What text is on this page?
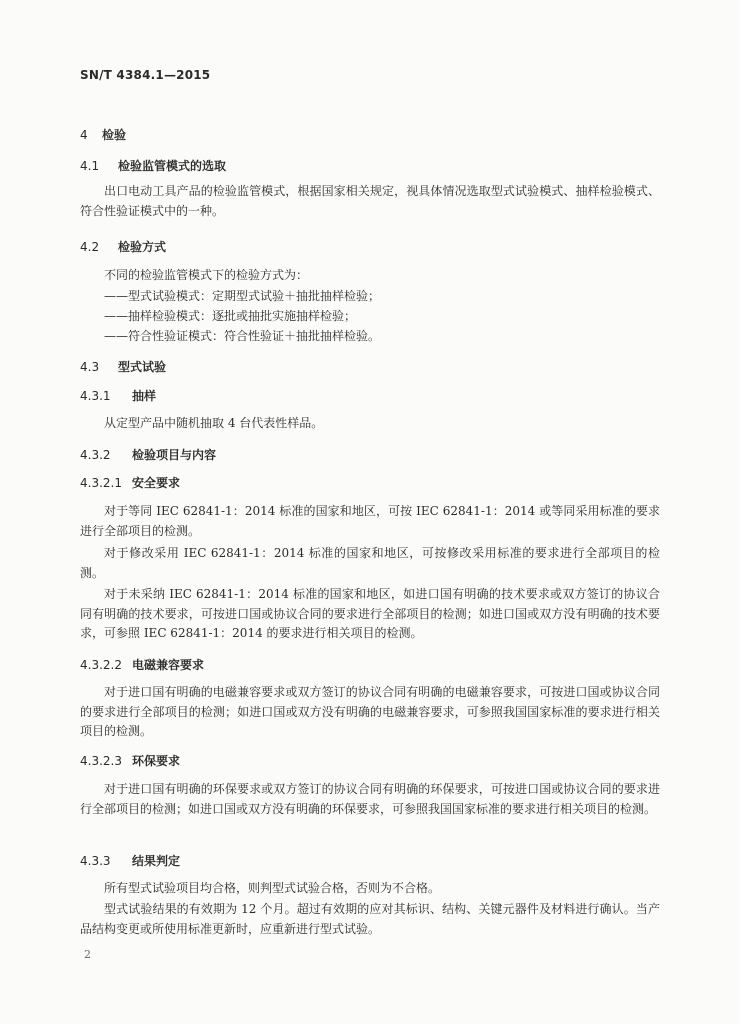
SN/T 4384.1—2015
4 检验
4.1 检验监管模式的选取
出口电动工具产品的检验监管模式，根据国家相关规定，视具体情况选取型式试验模式、抽样检验模式、符合性验证模式中的一种。
4.2 检验方式
不同的检验监管模式下的检验方式为：
——型式试验模式：定期型式试验＋抽批抽样检验；
——抽样检验模式：逐批或抽批实施抽样检验；
——符合性验证模式：符合性验证＋抽批抽样检验。
4.3 型式试验
4.3.1 抽样
从定型产品中随机抽取 4 台代表性样品。
4.3.2 检验项目与内容
4.3.2.1 安全要求
对于等同 IEC 62841-1：2014 标准的国家和地区，可按 IEC 62841-1：2014 或等同采用标准的要求进行全部项目的检测。
对于修改采用 IEC 62841-1：2014 标准的国家和地区，可按修改采用标准的要求进行全部项目的检测。
对于未采纳 IEC 62841-1：2014 标准的国家和地区，如进口国有明确的技术要求或双方签订的协议合同有明确的技术要求，可按进口国或协议合同的要求进行全部项目的检测；如进口国或双方没有明确的技术要求，可参照 IEC 62841-1：2014 的要求进行相关项目的检测。
4.3.2.2 电磁兼容要求
对于进口国有明确的电磁兼容要求或双方签订的协议合同有明确的电磁兼容要求，可按进口国或协议合同的要求进行全部项目的检测；如进口国或双方没有明确的电磁兼容要求，可参照我国国家标准的要求进行相关项目的检测。
4.3.2.3 环保要求
对于进口国有明确的环保要求或双方签订的协议合同有明确的环保要求，可按进口国或协议合同的要求进行全部项目的检测；如进口国或双方没有明确的环保要求，可参照我国国家标准的要求进行相关项目的检测。
4.3.3 结果判定
所有型式试验项目均合格，则判型式试验合格，否则为不合格。
型式试验结果的有效期为 12 个月。超过有效期的应对其标识、结构、关键元器件及材料进行确认。当产品结构变更或所使用标准更新时，应重新进行型式试验。
2
